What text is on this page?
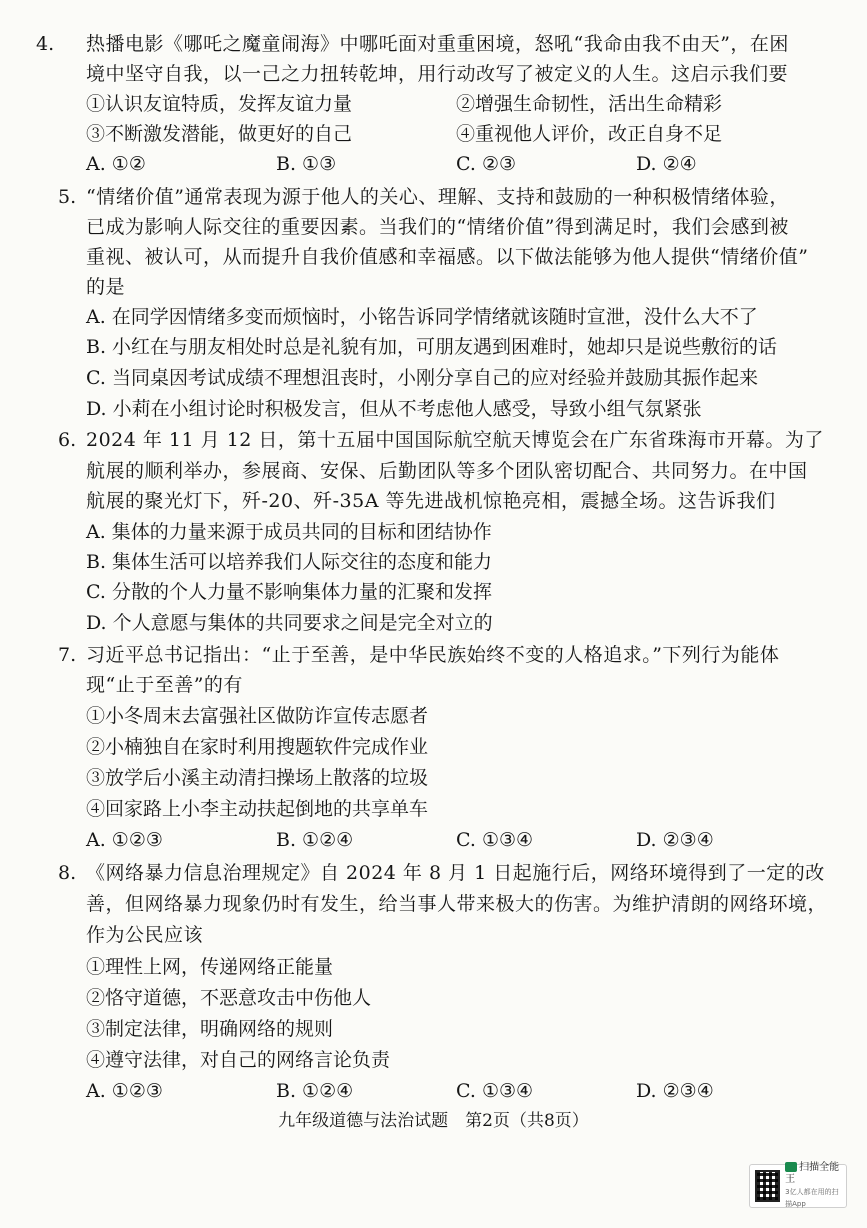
4. 热播电影《哪吒之魔童闹海》中哪吒面对重重困境，怒吼“我命由我不由天”，在困
境中坚守自我，以一己之力扭转乾坤，用行动改写了被定义的人生。这启示我们要
①认识友谊特质，发挥友谊力量	②增强生命韧性，活出生命精彩
③不断激发潜能，做更好的自己	④重视他人评价，改正自身不足
A. ①②	B. ①③	C. ②③	D. ②④
5. “情绪价值”通常表现为源于他人的关心、理解、支持和鼓励的一种积极情绪体验，
已成为影响人际交往的重要因素。当我们的“情绪价值”得到满足时，我们会感到被
重视、被认可，从而提升自我价值感和幸福感。以下做法能够为他人提供“情绪价值”
的是
A. 在同学因情绪多变而烦恼时，小铭告诉同学情绪就该随时宣泄，没什么大不了
B. 小红在与朋友相处时总是礼貌有加，可朋友遇到困难时，她却只是说些敷衍的话
C. 当同桌因考试成绩不理想沮丧时，小刚分享自己的应对经验并鼓励其振作起来
D. 小莉在小组讨论时积极发言，但从不考虑他人感受，导致小组气氛紧张
6. 2024 年 11 月 12 日，第十五届中国国际航空航天博览会在广东省珠海市开幕。为了
航展的顺利举办，参展商、安保、后勤团队等多个团队密切配合、共同努力。在中国
航展的聚光灯下，歼-20、歼-35A 等先进战机惊艳亮相，震撼全场。这告诉我们
A. 集体的力量来源于成员共同的目标和团结协作
B. 集体生活可以培养我们人际交往的态度和能力
C. 分散的个人力量不影响集体力量的汇聚和发挥
D. 个人意愿与集体的共同要求之间是完全对立的
7. 习近平总书记指出：“止于至善，是中华民族始终不变的人格追求。”下列行为能体
现“止于至善”的有
①小冬周末去富强社区做防诈宣传志愿者
②小楠独自在家时利用搜题软件完成作业
③放学后小溪主动清扫操场上散落的垃圾
④回家路上小李主动扶起倒地的共享单车
A. ①②③	B. ①②④	C. ①③④	D. ②③④
8. 《网络暴力信息治理规定》自 2024 年 8 月 1 日起施行后，网络环境得到了一定的改
善，但网络暴力现象仍时有发生，给当事人带来极大的伤害。为维护清朗的网络环境，
作为公民应该
①理性上网，传递网络正能量
②恪守道德，不恶意攻击中伤他人
③制定法律，明确网络的规则
④遵守法律，对自己的网络言论负责
A. ①②③	B. ①②④	C. ①③④	D. ②③④
九年级道德与法治试题　第2页（共8页）
扫描全能王
3亿人都在用的扫描App
